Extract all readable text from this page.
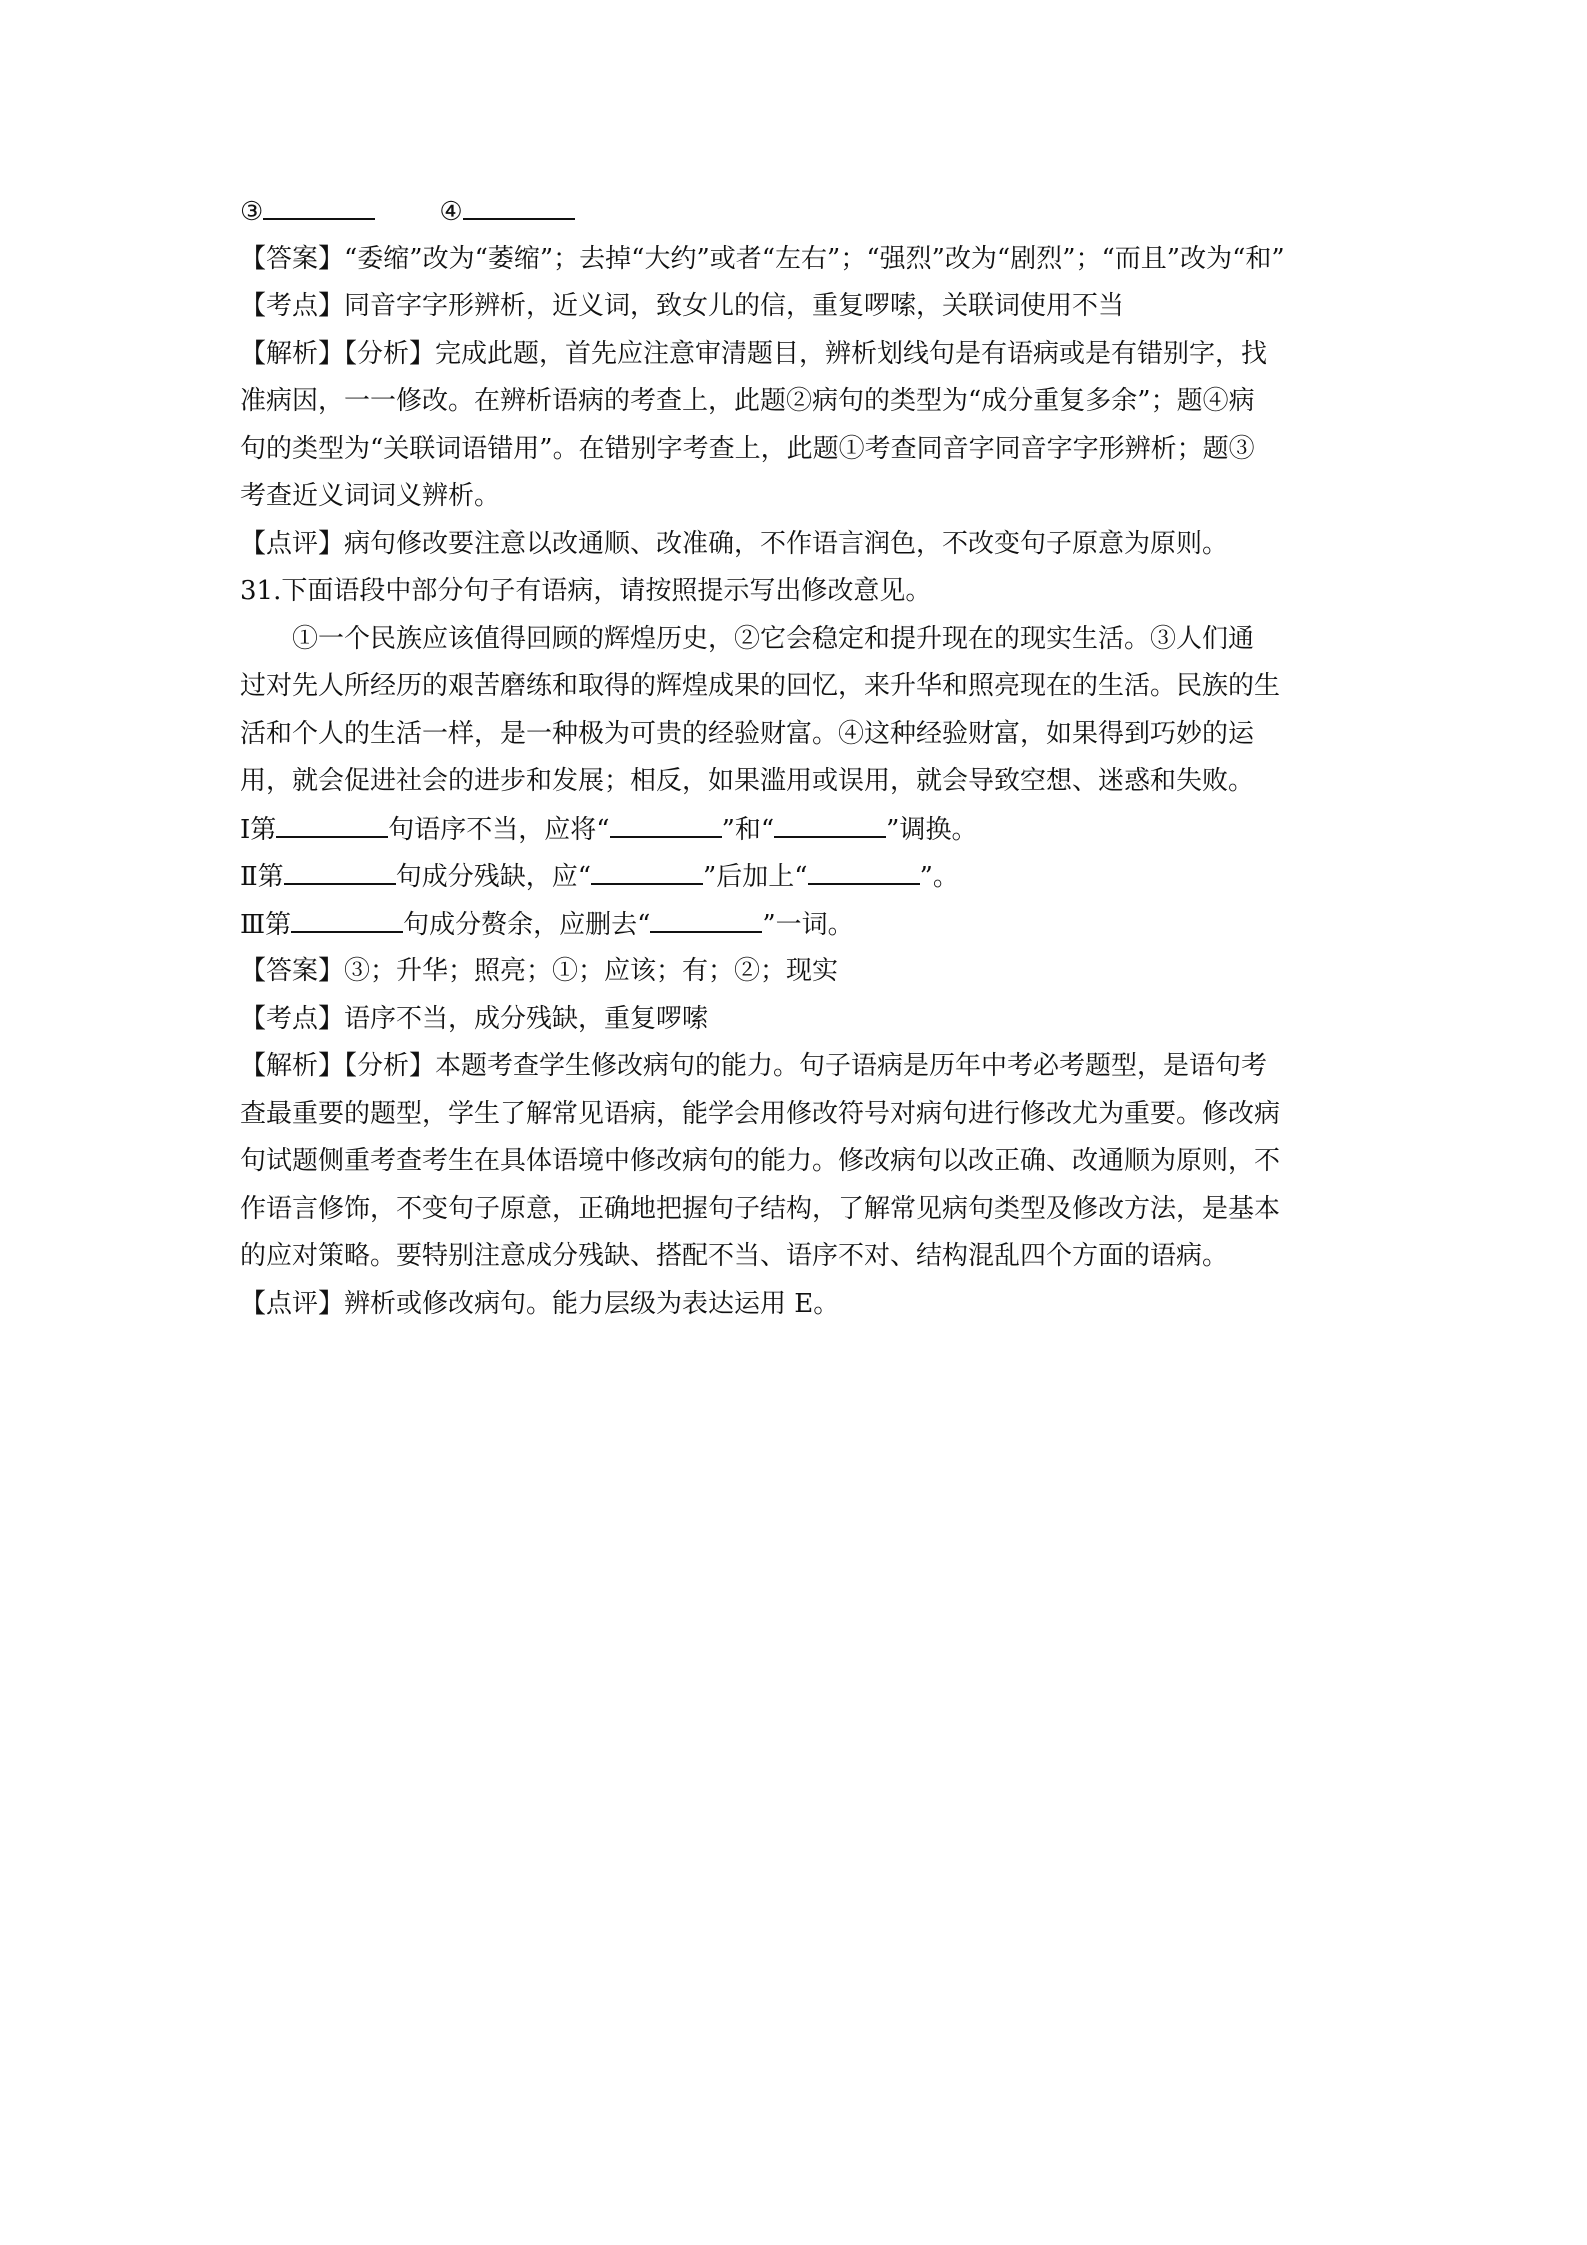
③	④
【答案】“委缩”改为“萎缩”；去掉“大约”或者“左右”；“强烈”改为“剧烈”；“而且”改为“和”
【考点】同音字字形辨析，近义词，致女儿的信，重复啰嗦，关联词使用不当
【解析】【分析】完成此题，首先应注意审清题目，辨析划线句是有语病或是有错别字，找
准病因，一一修改。在辨析语病的考查上，此题②病句的类型为“成分重复多余”；题④病
句的类型为“关联词语错用”。在错别字考查上，此题①考查同音字同音字字形辨析；题③
考查近义词词义辨析。
【点评】病句修改要注意以改通顺、改准确，不作语言润色，不改变句子原意为原则。
31.下面语段中部分句子有语病，请按照提示写出修改意见。
①一个民族应该值得回顾的辉煌历史，②它会稳定和提升现在的现实生活。③人们通
过对先人所经历的艰苦磨练和取得的辉煌成果的回忆，来升华和照亮现在的生活。民族的生
活和个人的生活一样，是一种极为可贵的经验财富。④这种经验财富，如果得到巧妙的运
用，就会促进社会的进步和发展；相反，如果滥用或误用，就会导致空想、迷惑和失败。
Ⅰ第	句语序不当，应将“	”和“	”调换。
Ⅱ第	句成分残缺，应“	”后加上“	”。
Ⅲ第	句成分赘余，应删去“	”一词。
【答案】③；升华；照亮；①；应该；有；②；现实
【考点】语序不当，成分残缺，重复啰嗦
【解析】【分析】本题考查学生修改病句的能力。句子语病是历年中考必考题型，是语句考
查最重要的题型，学生了解常见语病，能学会用修改符号对病句进行修改尤为重要。修改病
句试题侧重考查考生在具体语境中修改病句的能力。修改病句以改正确、改通顺为原则，不
作语言修饰，不变句子原意，正确地把握句子结构，了解常见病句类型及修改方法，是基本
的应对策略。要特别注意成分残缺、搭配不当、语序不对、结构混乱四个方面的语病。
【点评】辨析或修改病句。能力层级为表达运用 E。
